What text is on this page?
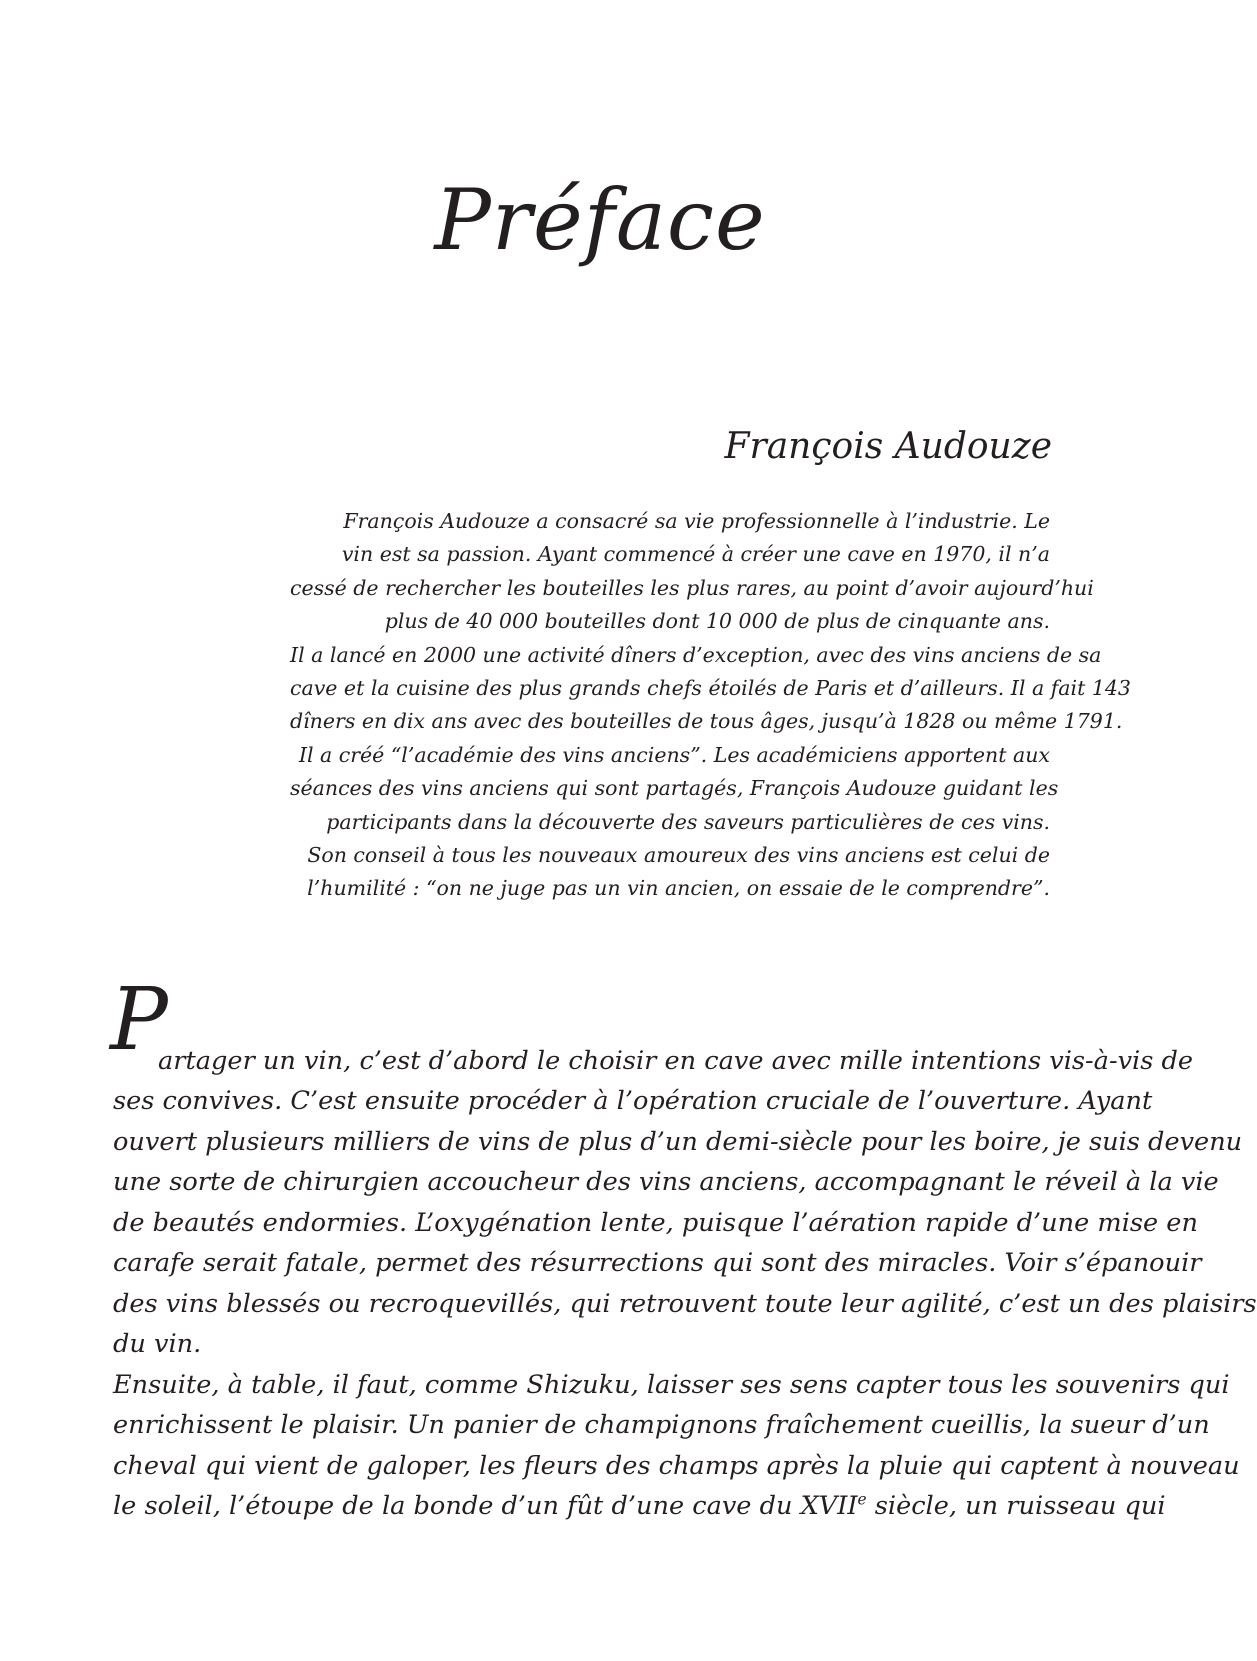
Préface
François Audouze

François Audouze a consacré sa vie professionnelle à l’industrie. Le
vin est sa passion. Ayant commencé à créer une cave en 1970, il n’a
cessé de rechercher les bouteilles les plus rares, au point d’avoir aujourd’hui
plus de 40 000 bouteilles dont 10 000 de plus de cinquante ans.
Il a lancé en 2000 une activité dîners d’exception, avec des vins anciens de sa
cave et la cuisine des plus grands chefs étoilés de Paris et d’ailleurs. Il a fait 143
dîners en dix ans avec des bouteilles de tous âges, jusqu’à 1828 ou même 1791.
Il a créé “l’académie des vins anciens”. Les académiciens apportent aux
séances des vins anciens qui sont partagés, François Audouze guidant les
participants dans la découverte des saveurs particulières de ces vins.
Son conseil à tous les nouveaux amoureux des vins anciens est celui de
l’humilité : “on ne juge pas un vin ancien, on essaie de le comprendre”.

P
artager un vin, c’est d’abord le choisir en cave avec mille intentions vis-à-vis de
ses convives. C’est ensuite procéder à l’opération cruciale de l’ouverture. Ayant
ouvert plusieurs milliers de vins de plus d’un demi-siècle pour les boire, je suis devenu
une sorte de chirurgien accoucheur des vins anciens, accompagnant le réveil à la vie
de beautés endormies. L’oxygénation lente, puisque l’aération rapide d’une mise en
carafe serait fatale, permet des résurrections qui sont des miracles. Voir s’épanouir
des vins blessés ou recroquevillés, qui retrouvent toute leur agilité, c’est un des plaisirs
du vin.
Ensuite, à table, il faut, comme Shizuku, laisser ses sens capter tous les souvenirs qui
enrichissent le plaisir. Un panier de champignons fraîchement cueillis, la sueur d’un
cheval qui vient de galoper, les fleurs des champs après la pluie qui captent à nouveau
le soleil, l’étoupe de la bonde d’un fût d’une cave du XVIIe siècle, un ruisseau qui
